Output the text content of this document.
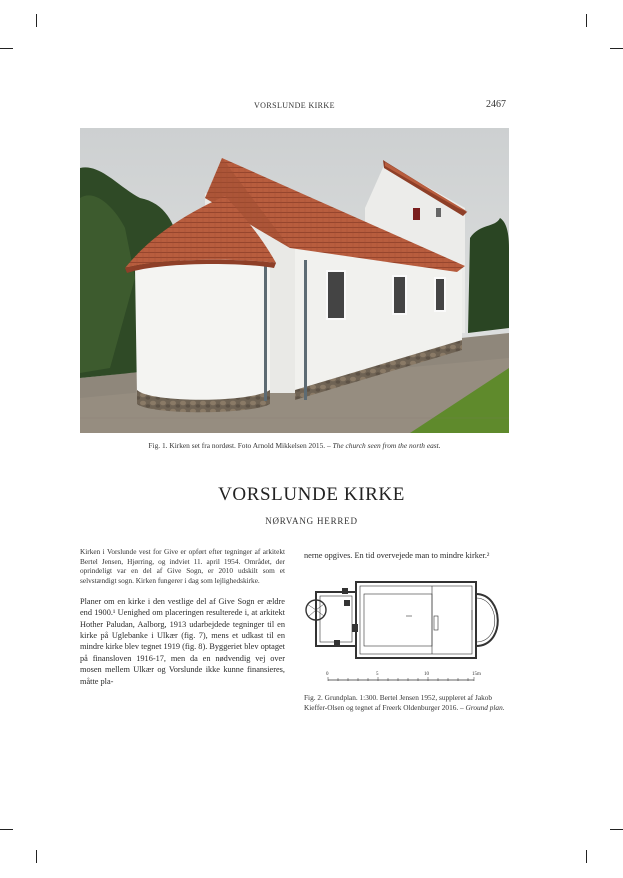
VORSLUNDE KIRKE	2467
Fig. 1. Kirken set fra nordøst. Foto Arnold Mikkelsen 2015. – The church seen from the north east.
VORSLUNDE KIRKE
NØRVANG HERRED

Kirken i Vorslunde vest for Give er opført efter tegninger af arkitekt Bertel Jensen, Hjørring, og indviet 11. april 1954. Området, der oprindeligt var en del af Give Sogn, er 2010 udskilt som et selvstændigt sogn. Kirken fungerer i dag som lejlighedskirke.

Planer om en kirke i den vestlige del af Give Sogn er ældre end 1900.¹ Uenighed om placeringen resulterede i, at arkitekt Hother Paludan, Aalborg, 1913 udarbejdede tegninger til en kirke på Uglebanke i Ulkær (fig. 7), mens et udkast til en mindre kirke blev tegnet 1919 (fig. 8). Byggeriet blev optaget på finansloven 1916-17, men da en nødvendig vej over mosen mellem Ulkær og Vorslunde ikke kunne finansieres, måtte pla-

nerne opgives. En tid overvejede man to mindre kirker.²

0	5	10	15m
Fig. 2. Grundplan. 1:300. Bertel Jensen 1952, suppleret af Jakob Kieffer-Olsen og tegnet af Freerk Oldenburger 2016. – Ground plan.
